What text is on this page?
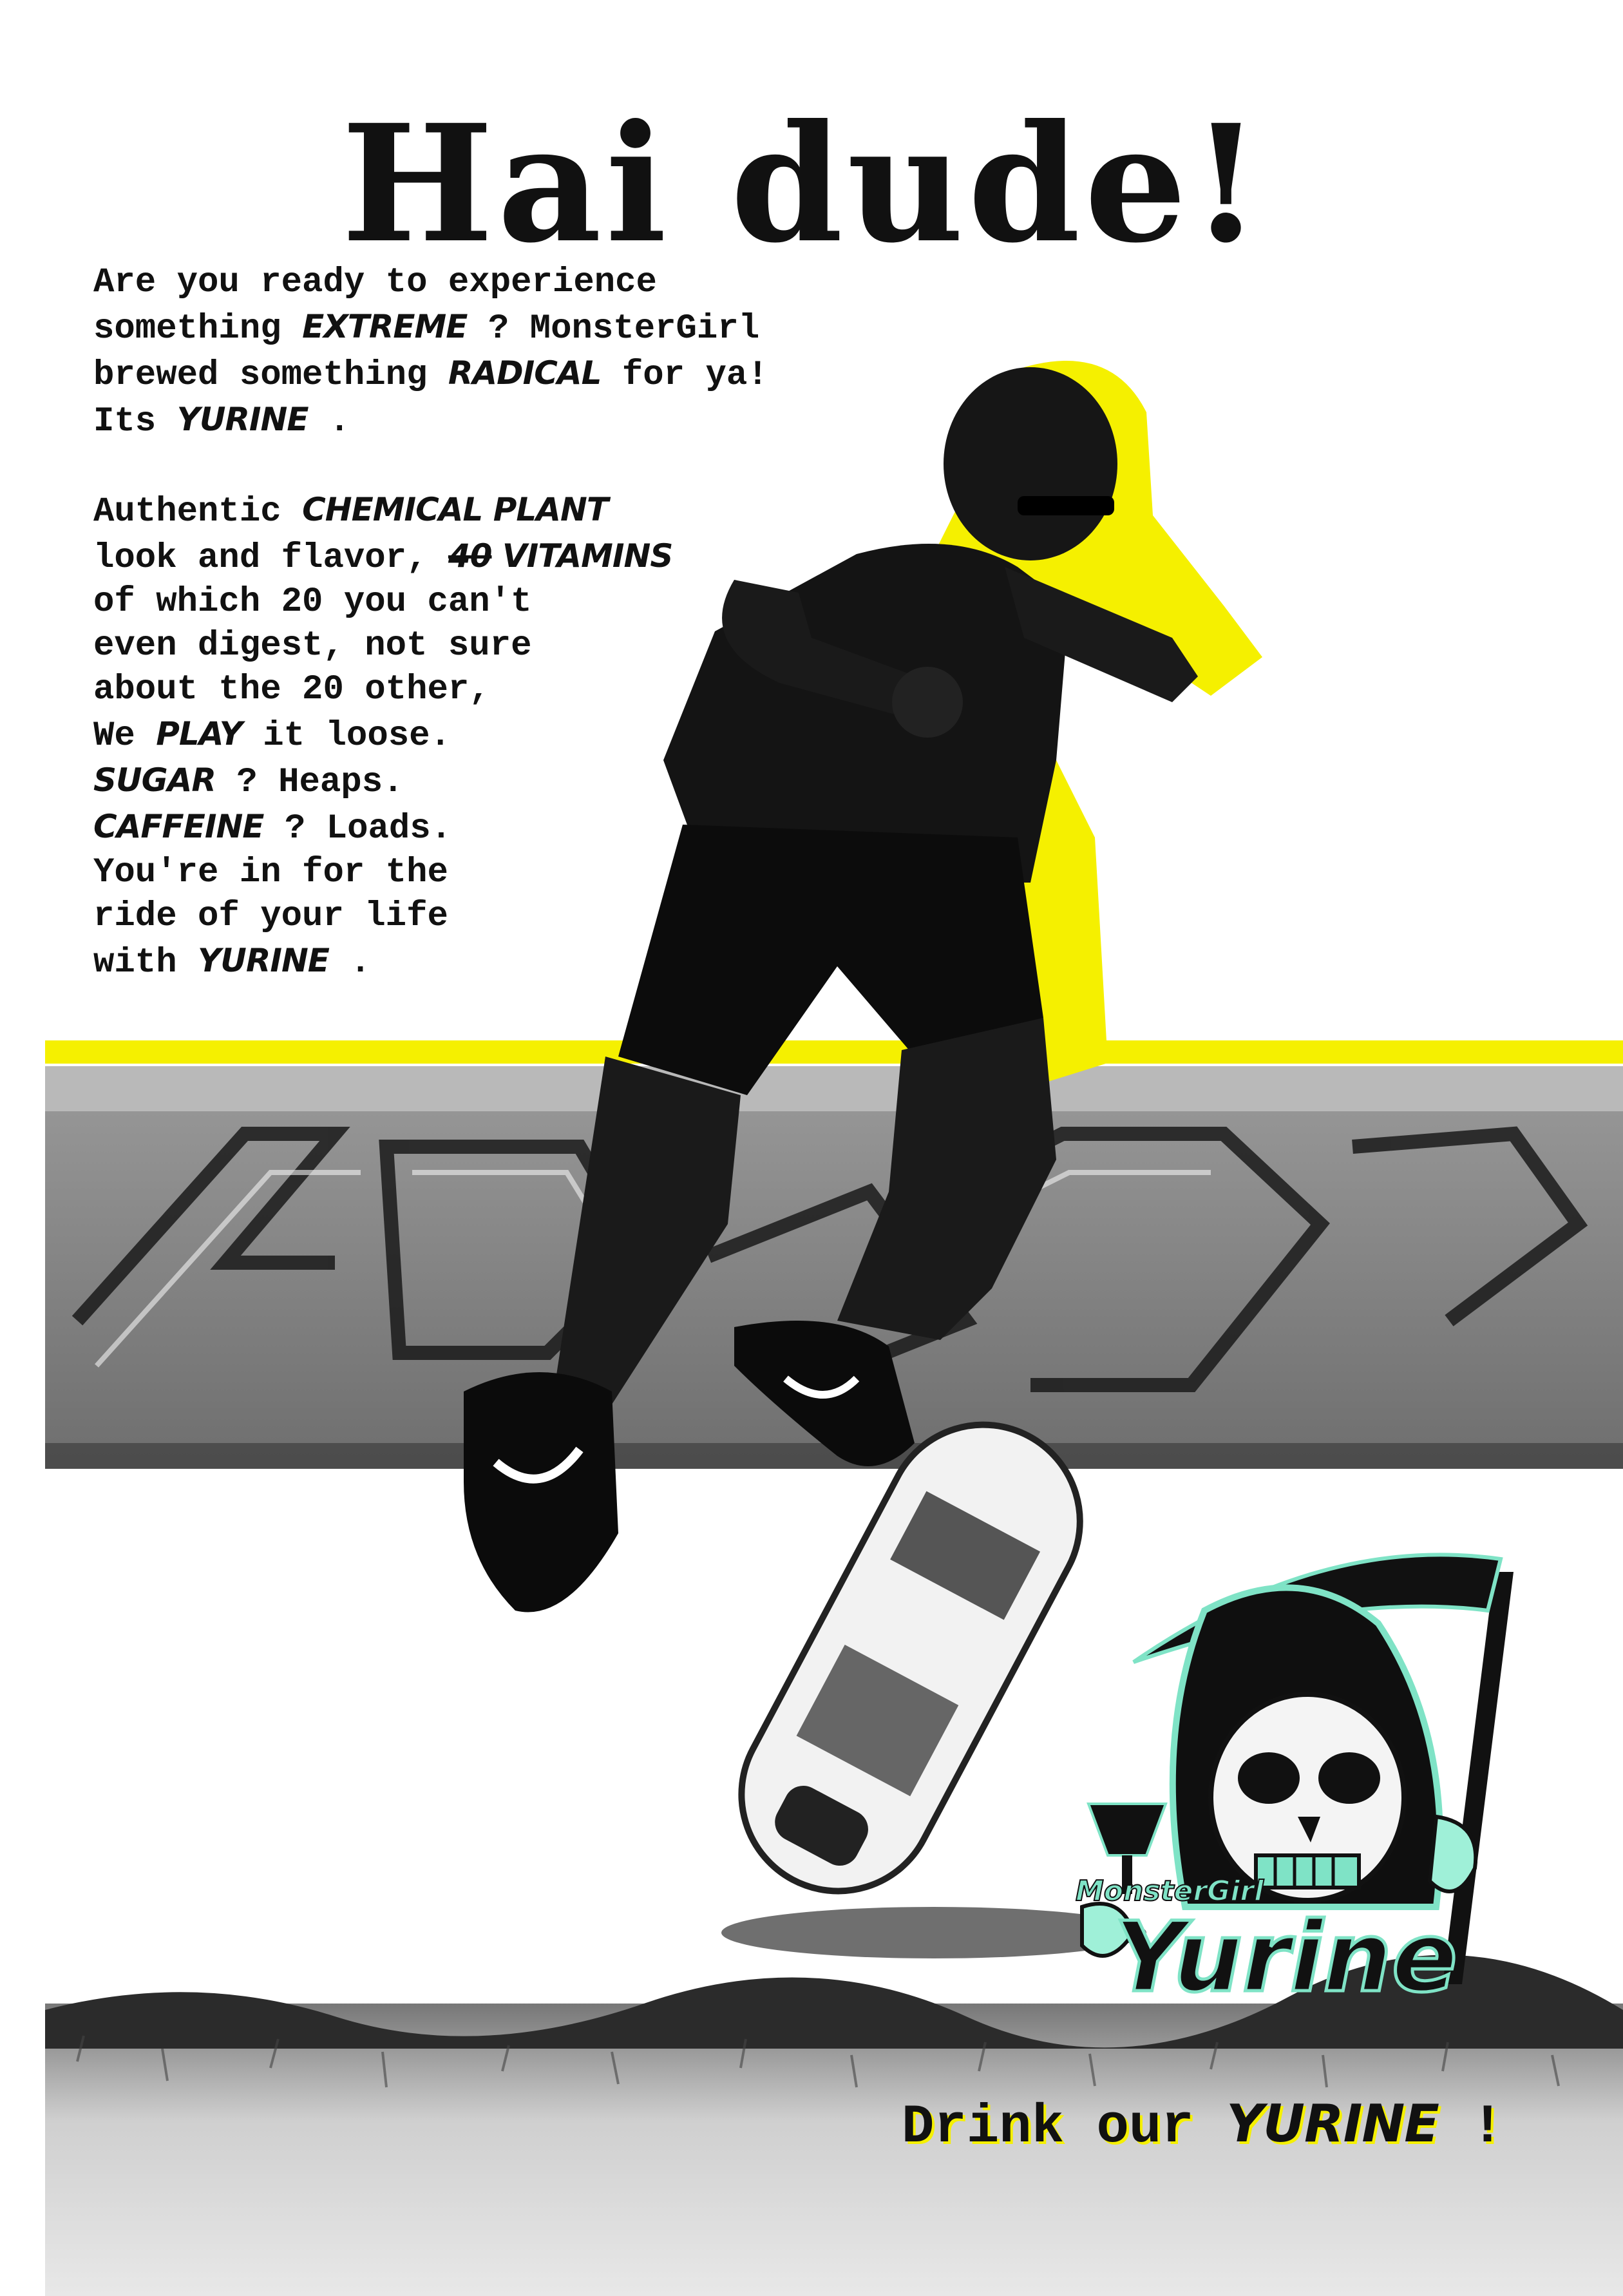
Hai dude!

Are you ready to experience
something EXTREME ? MonsterGirl
brewed something RADICAL for ya!
Its YURINE .

Authentic CHEMICAL PLANT
look and flavor, 40 VITAMINS
of which 20 you can't
even digest, not sure
about the 20 other,
We PLAY it loose.
SUGAR ? Heaps.
CAFFEINE ? Loads.
You're in for the
ride of your life
with YURINE .

MonsterGirl
Yurine
Drink our YURINE !
